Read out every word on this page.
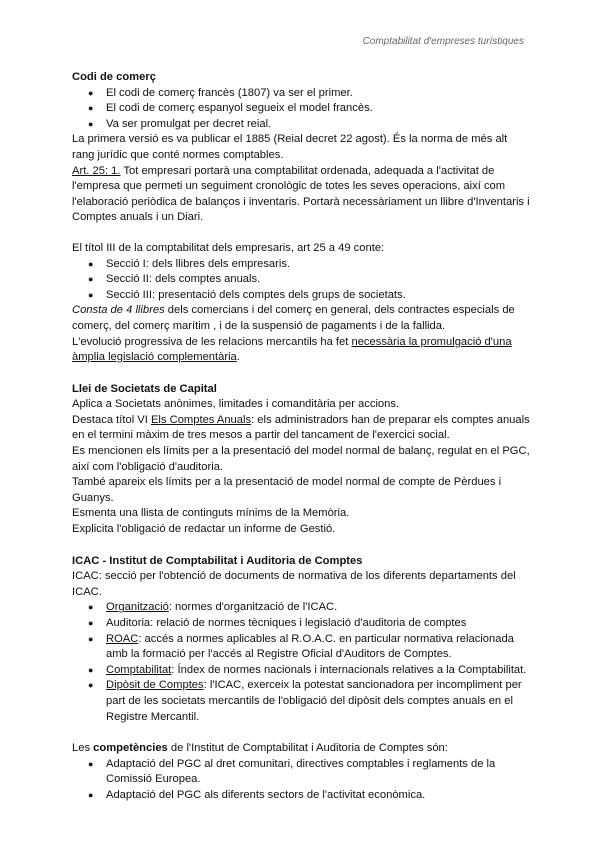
Comptabilitat d'empreses turístiques

Codi de comerç

● El codi de comerç francès (1807) va ser el primer.
● El codi de comerç espanyol segueix el model francès.
● Va ser promulgat per decret reial.

La primera versió es va publicar el 1885 (Reial decret 22 agost). És la norma de més alt rang jurídic que conté normes comptables.

Art. 25: 1. Tot empresari portarà una comptabilitat ordenada, adequada a l'activitat de l'empresa que permeti un seguiment cronològic de totes les seves operacions, així com l'elaboració periòdica de balanços i inventaris. Portarà necessàriament un llibre d'Inventaris i Comptes anuals i un Diari.

El títol III de la comptabilitat dels empresaris, art 25 a 49 conte:

● Secció I: dels llibres dels empresaris.
● Secció II: dels comptes anuals.
● Secció III: presentació dels comptes dels grups de societats.

Consta de 4 llibres dels comercians i del comerç en general, dels contractes especials de comerç, del comerç marítim , i de la suspensió de pagaments i de la fallida.

L'evolució progressiva de les relacions mercantils ha fet necessària la promulgació d'una àmplia legislació complementària.

Llei de Societats de Capital

Aplica a Societats anònimes, limitades i comanditària per accions.

Destaca títol VI Els Comptes Anuals: els administradors han de preparar els comptes anuals en el termini màxim de tres mesos a partir del tancament de l'exercici social.

Es mencionen els límits per a la presentació del model normal de balanç, regulat en el PGC, així com l'obligació d'auditoria.

També apareix els límits per a la presentació de model normal de compte de Pèrdues i Guanys.

Esmenta una llista de continguts mínims de la Memòria.

Explicita l'obligació de redactar un informe de Gestió.

ICAC - Institut de Comptabilitat i Auditoria de Comptes

ICAC: secció per l'obtenció de documents de normativa de los diferents departaments del ICAC.

● Organització: normes d'organització de l'ICAC.
● Auditoria: relació de normes tècniques i legislació d'auditoria de comptes
● ROAC: accés a normes aplicables al R.O.A.C. en particular normativa relacionada amb la formació per l'accés al Registre Oficial d'Auditors de Comptes.
● Comptabilitat: Índex de normes nacionals i internacionals relatives a la Comptabilitat.
● Dipòsit de Comptes: l'ICAC, exerceix la potestat sancionadora per incompliment per part de les societats mercantils de l'obligació del dipòsit dels comptes anuals en el Registre Mercantil.

Les competències de l'Institut de Comptabilitat i Auditoria de Comptes són:

● Adaptació del PGC al dret comunitari, directives comptables i reglaments de la Comissió Europea.
● Adaptació del PGC als diferents sectors de l'activitat econòmica.
